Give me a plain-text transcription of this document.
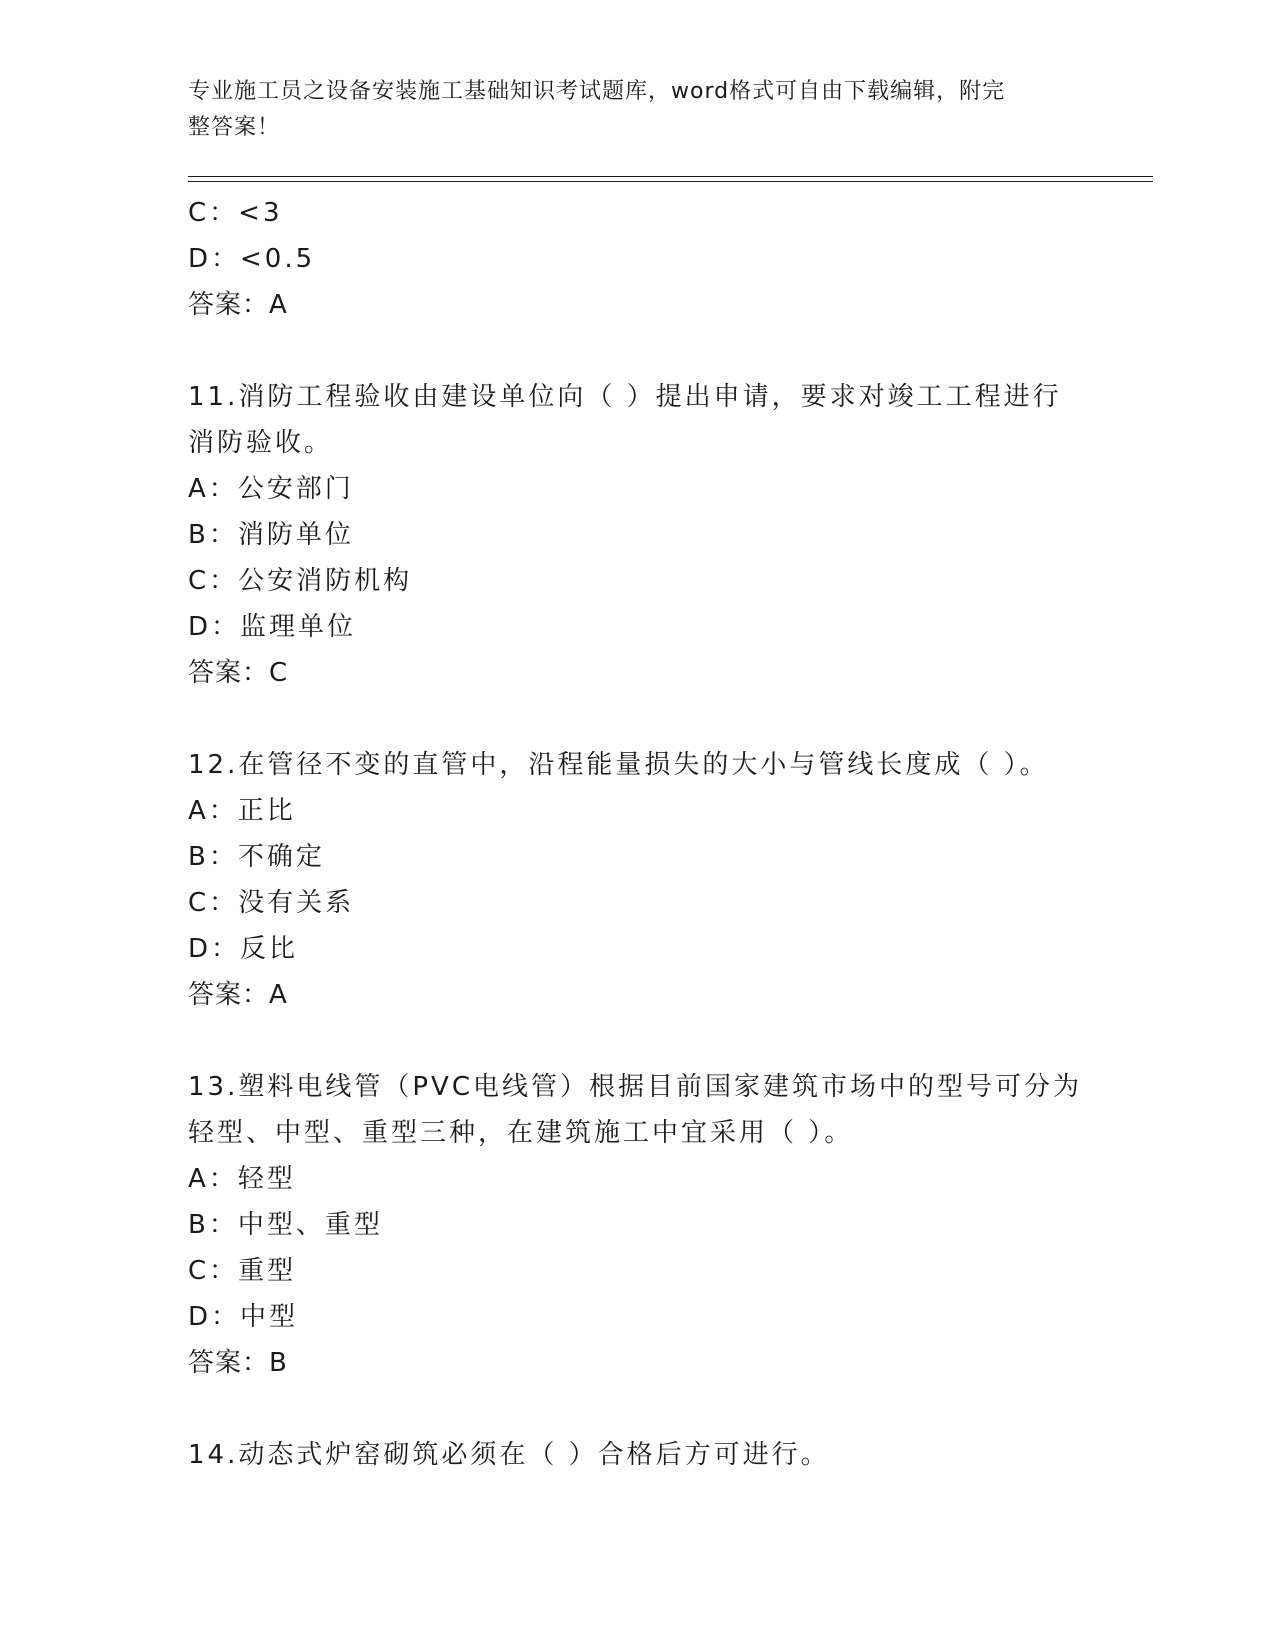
专业施工员之设备安装施工基础知识考试题库，word格式可自由下载编辑，附完
整答案！
C：<3
D：<0.5
答案：A
11.消防工程验收由建设单位向（ ）提出申请，要求对竣工工程进行
消防验收。
A：公安部门
B：消防单位
C：公安消防机构
D：监理单位
答案：C
12.在管径不变的直管中，沿程能量损失的大小与管线长度成（ ）。
A：正比
B：不确定
C：没有关系
D：反比
答案：A
13.塑料电线管（PVC电线管）根据目前国家建筑市场中的型号可分为
轻型、中型、重型三种，在建筑施工中宜采用（ ）。
A：轻型
B：中型、重型
C：重型
D：中型
答案：B
14.动态式炉窑砌筑必须在（ ）合格后方可进行。
